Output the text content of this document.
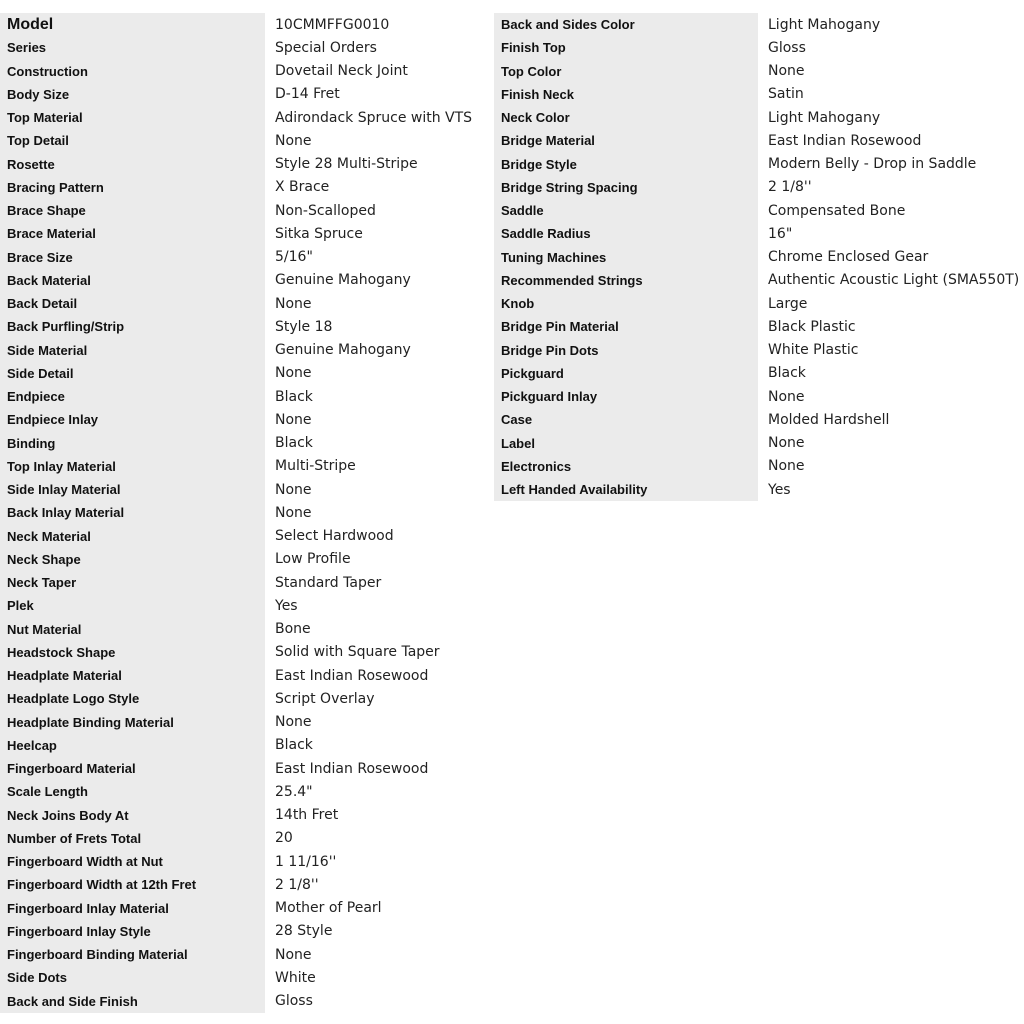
Model	10CMMFFG0010
Series	Special Orders
Construction	Dovetail Neck Joint
Body Size	D-14 Fret
Top Material	Adirondack Spruce with VTS
Top Detail	None
Rosette	Style 28 Multi-Stripe
Bracing Pattern	X Brace
Brace Shape	Non-Scalloped
Brace Material	Sitka Spruce
Brace Size	5/16"
Back Material	Genuine Mahogany
Back Detail	None
Back Purfling/Strip	Style 18
Side Material	Genuine Mahogany
Side Detail	None
Endpiece	Black
Endpiece Inlay	None
Binding	Black
Top Inlay Material	Multi-Stripe
Side Inlay Material	None
Back Inlay Material	None
Neck Material	Select Hardwood
Neck Shape	Low Profile
Neck Taper	Standard Taper
Plek	Yes
Nut Material	Bone
Headstock Shape	Solid with Square Taper
Headplate Material	East Indian Rosewood
Headplate Logo Style	Script Overlay
Headplate Binding Material	None
Heelcap	Black
Fingerboard Material	East Indian Rosewood
Scale Length	25.4"
Neck Joins Body At	14th Fret
Number of Frets Total	20
Fingerboard Width at Nut	1 11/16''
Fingerboard Width at 12th Fret	2 1/8''
Fingerboard Inlay Material	Mother of Pearl
Fingerboard Inlay Style	28 Style
Fingerboard Binding Material	None
Side Dots	White
Back and Side Finish	Gloss
Back and Sides Color	Light Mahogany
Finish Top	Gloss
Top Color	None
Finish Neck	Satin
Neck Color	Light Mahogany
Bridge Material	East Indian Rosewood
Bridge Style	Modern Belly - Drop in Saddle
Bridge String Spacing	2 1/8''
Saddle	Compensated Bone
Saddle Radius	16"
Tuning Machines	Chrome Enclosed Gear
Recommended Strings	Authentic Acoustic Light (SMA550T)
Knob	Large
Bridge Pin Material	Black Plastic
Bridge Pin Dots	White Plastic
Pickguard	Black
Pickguard Inlay	None
Case	Molded Hardshell
Label	None
Electronics	None
Left Handed Availability	Yes
